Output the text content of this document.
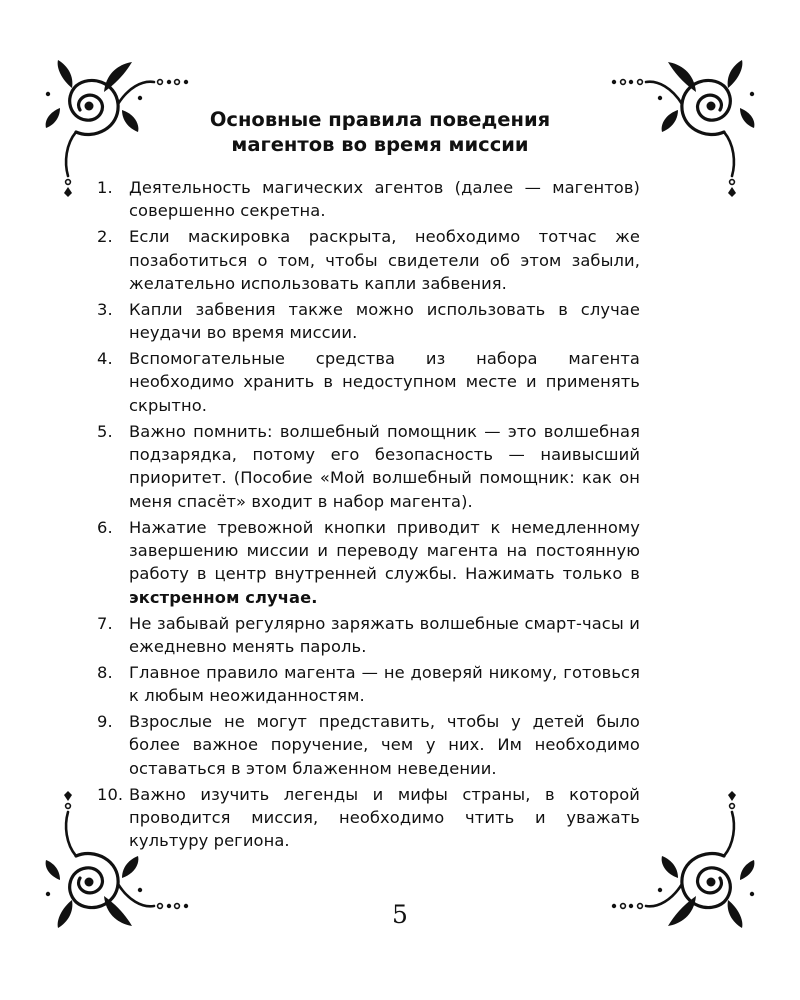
Основные правила поведения
магентов во время миссии
1. Деятельность магических агентов (далее — магентов) совершенно секретна.
2. Если маскировка раскрыта, необходимо тотчас же позаботиться о том, чтобы свидетели об этом забыли, желательно использовать капли забвения.
3. Капли забвения также можно использовать в случае неудачи во время миссии.
4. Вспомогательные средства из набора магента необходимо хранить в недоступном месте и применять скрытно.
5. Важно помнить: волшебный помощник — это волшебная подзарядка, потому его безопасность — наивысший приоритет. (Пособие «Мой волшебный помощник: как он меня спасёт» входит в набор магента).
6. Нажатие тревожной кнопки приводит к немедленному завершению миссии и переводу магента на постоянную работу в центр внутренней службы. Нажимать только в экстренном случае.
7. Не забывай регулярно заряжать волшебные смарт-часы и ежедневно менять пароль.
8. Главное правило магента — не доверяй никому, готовься к любым неожиданностям.
9. Взрослые не могут представить, чтобы у детей было более важное поручение, чем у них. Им необходимо оставаться в этом блаженном неведении.
10. Важно изучить легенды и мифы страны, в которой проводится миссия, необходимо чтить и уважать культуру региона.
5
